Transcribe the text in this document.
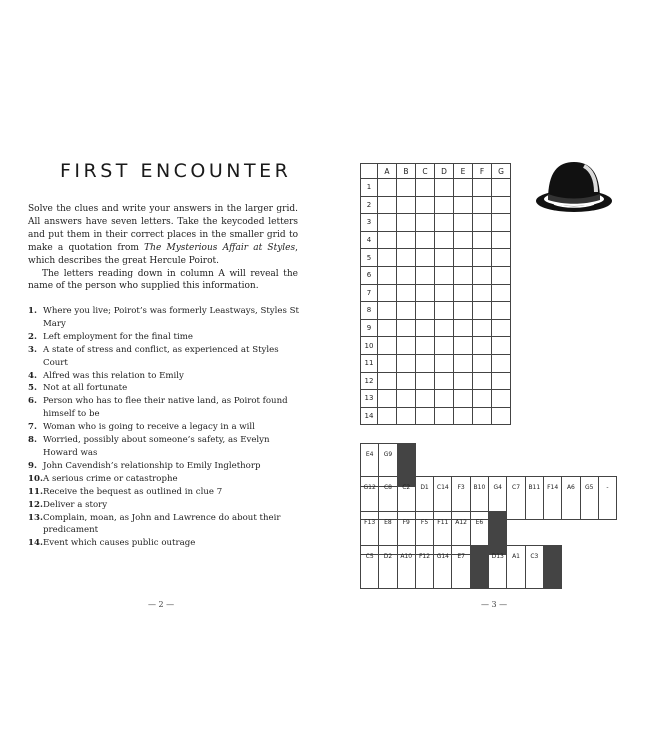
FIRST ENCOUNTER

Solve the clues and write your answers in the larger grid. All answers have seven letters. Take the keycoded letters and put them in their correct places in the smaller grid to make a quotation from The Mysterious Affair at Styles, which describes the great Hercule Poirot.

The letters reading down in column A will reveal the name of the person who supplied this information.

1. Where you live; Poirot’s was formerly Leastways, Styles St Mary
2. Left employment for the final time
3. A state of stress and conflict, as experienced at Styles Court
4. Alfred was this relation to Emily
5. Not at all fortunate
6. Person who has to flee their native land, as Poirot found himself to be
7. Woman who is going to receive a legacy in a will
8. Worried, possibly about someone’s safety, as Evelyn Howard was
9. John Cavendish’s relationship to Emily Inglethorp
10. A serious crime or catastrophe
11. Receive the bequest as outlined in clue 7
12. Deliver a story
13. Complain, moan, as John and Lawrence do about their predicament
14. Event which causes public outrage
— 2 —	— 3 —
	A	B	C	D	E	F	G
1							
2							
3							
4							
5							
6							
7							
8							
9							
10							
11							
12							
13							
14							
E4	G9	
G12	C8	C2	D1	C14	F3	B10	G4	C7	B11	F14	A6	G5	-
F13	E8	F9	F5	F11	A12	E6	
C5	D2	A10	F12	G14	E7		D13	A1	C3	
